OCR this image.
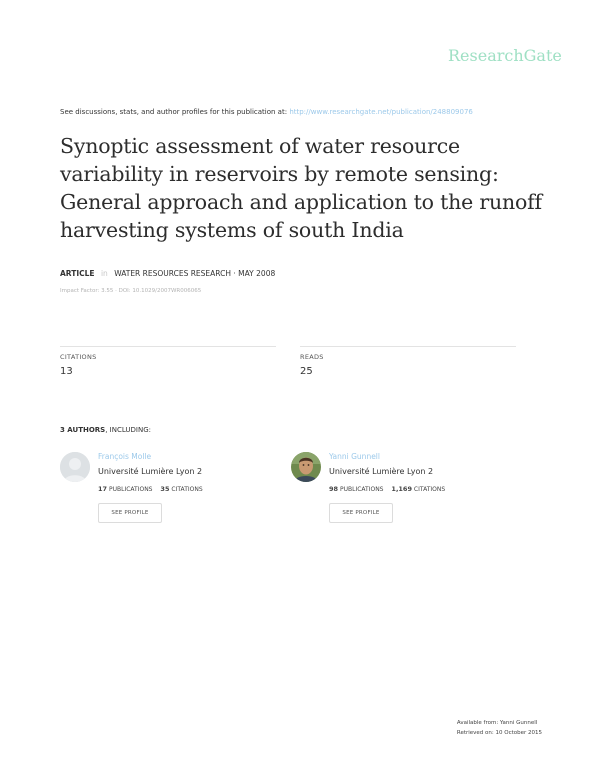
ResearchGate
See discussions, stats, and author profiles for this publication at: http://www.researchgate.net/publication/248809076
Synoptic assessment of water resource variability in reservoirs by remote sensing: General approach and application to the runoff harvesting systems of south India
ARTICLE in WATER RESOURCES RESEARCH · MAY 2008
Impact Factor: 3.55 · DOI: 10.1029/2007WR006065
CITATIONS
13
READS
25
3 AUTHORS, INCLUDING:
François Molle
Université Lumière Lyon 2
17 PUBLICATIONS 35 CITATIONS
SEE PROFILE
Yanni Gunnell
Université Lumière Lyon 2
98 PUBLICATIONS 1,169 CITATIONS
SEE PROFILE
Available from: Yanni Gunnell
Retrieved on: 10 October 2015
